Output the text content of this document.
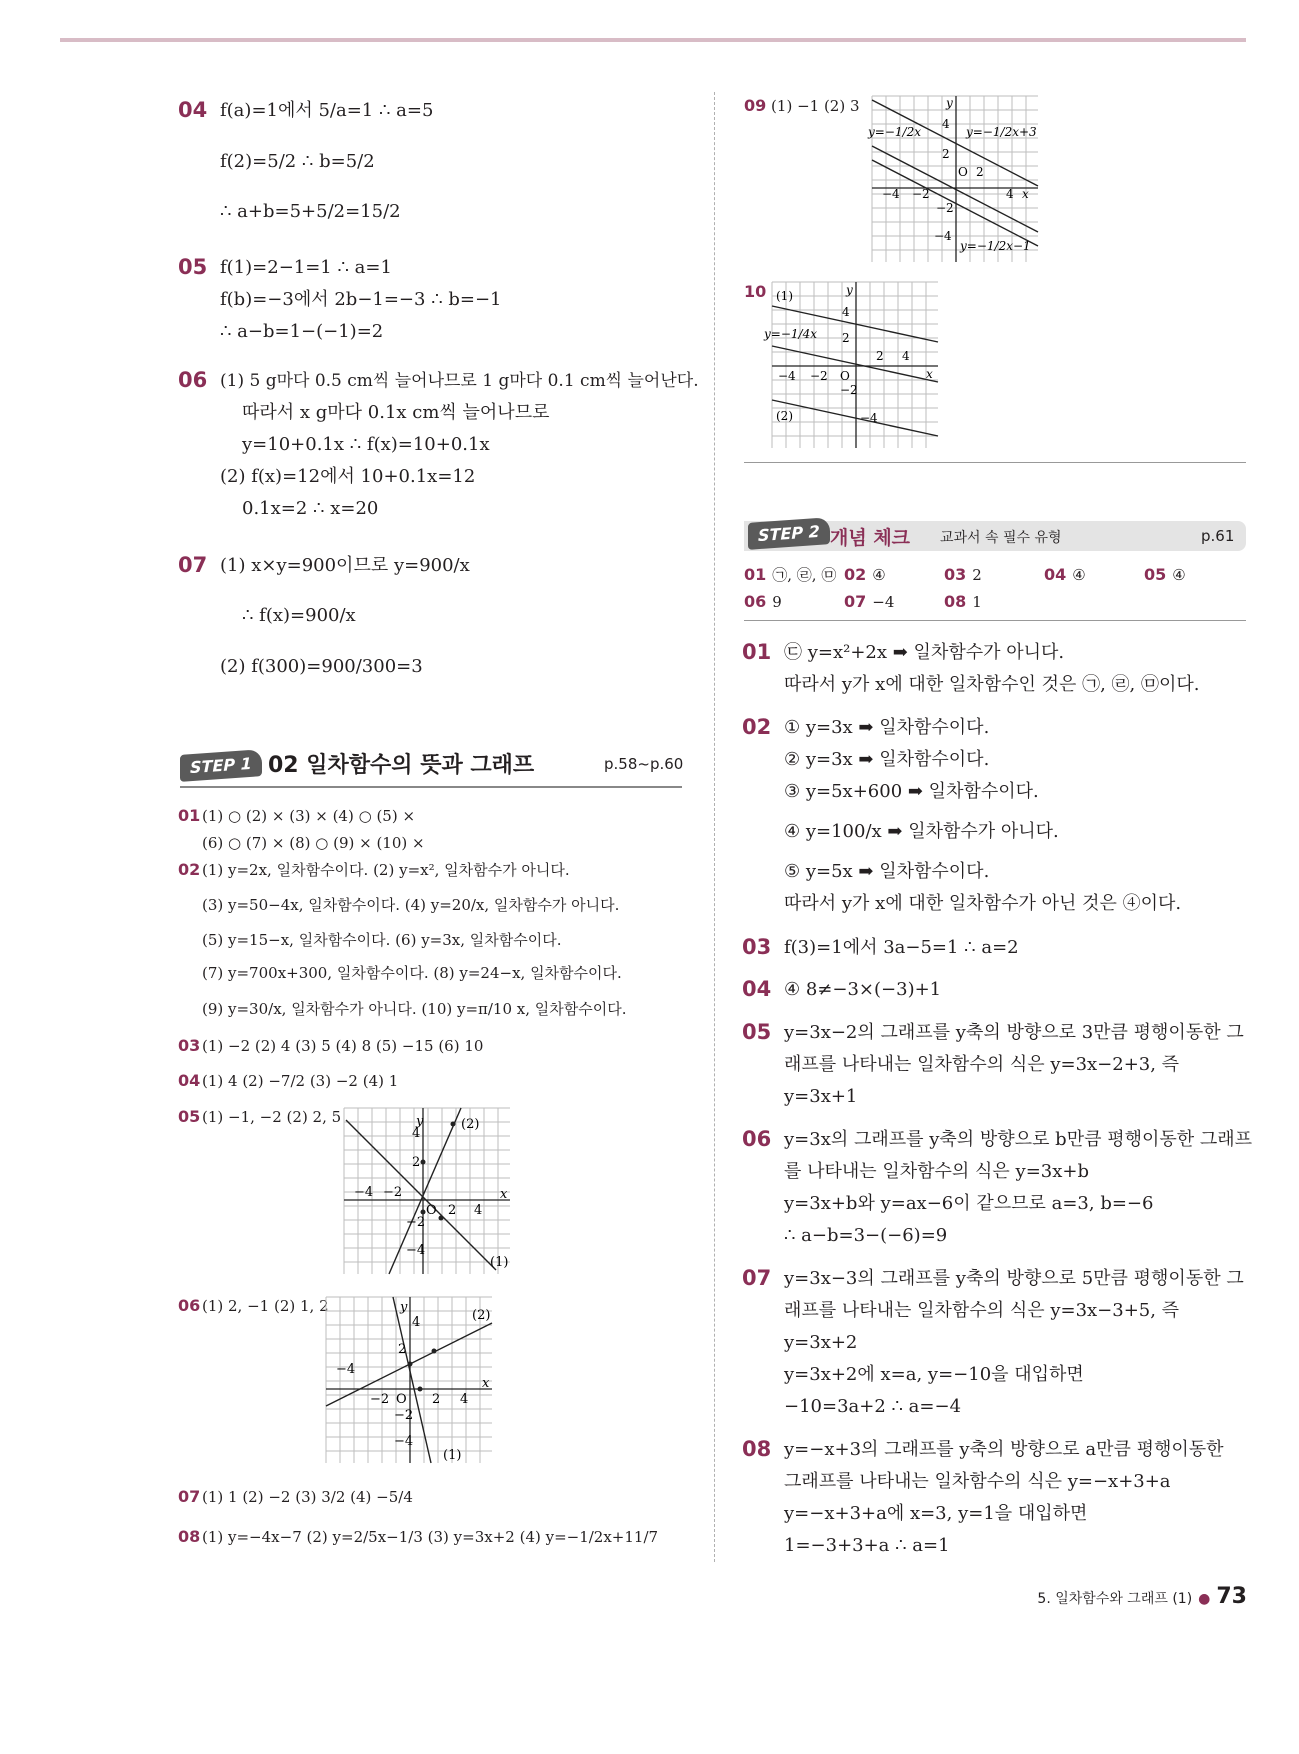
04 f(a)=1에서 5/a=1 ∴ a=5
f(2)=5/2 ∴ b=5/2
∴ a+b=5+5/2=15/2
05 f(1)=2−1=1 ∴ a=1
f(b)=−3에서 2b−1=−3 ∴ b=−1
∴ a−b=1−(−1)=2
06 (1) 5 g마다 0.5 cm씩 늘어나므로 1 g마다 0.1 cm씩 늘어난다.
따라서 x g마다 0.1x cm씩 늘어나므로
y=10+0.1x ∴ f(x)=10+0.1x
(2) f(x)=12에서 10+0.1x=12
0.1x=2 ∴ x=20
07 (1) x×y=900이므로 y=900/x
∴ f(x)=900/x
(2) f(300)=900/300=3
STEP 1 02 일차함수의 뜻과 그래프	p.58~p.60
01 (1) ○ (2) × (3) × (4) ○ (5) ×
(6) ○ (7) × (8) ○ (9) × (10) ×
02 (1) y=2x, 일차함수이다. (2) y=x², 일차함수가 아니다.
(3) y=50−4x, 일차함수이다. (4) y=20/x, 일차함수가 아니다.
(5) y=15−x, 일차함수이다. (6) y=3x, 일차함수이다.
(7) y=700x+300, 일차함수이다. (8) y=24−x, 일차함수이다.
(9) y=30/x, 일차함수가 아니다. (10) y=π/10 x, 일차함수이다.
03 (1) −2 (2) 4 (3) 5 (4) 8 (5) −15 (6) 10
04 (1) 4 (2) −7/2 (3) −2 (4) 1
05 (1) −1, −2 (2) 2, 5
06 (1) 2, −1 (2) 1, 2
07 (1) 1 (2) −2 (3) 3/2 (4) −5/4
08 (1) y=−4x−7 (2) y=2/5x−1/3 (3) y=3x+2 (4) y=−1/2x+11/7
y
x
4
2
O 2 4
−4 −2
−2
−4
(2)
(1)
y
x
4
2
O 2 4
−4
−2
−2
−4
(2)
(1)
09 (1) −1 (2) 3
y=−1/2x	y=−1/2x+3
y=−1/2x−1
4
2
O 2
4
−4 −2
−2
−4
x
y
10 (1)
y=−1/4x
(2)
4
2
2 4
−4 −2 O
−2
−4
x
y
STEP 2 개념 체크 교과서 속 필수 유형	p.61
01 ㉠, ㉣, ㉤ 02 ④	03 2	04 ④	05 ④
06 9	07 −4	08 1
01 ㉢ y=x²+2x ➡ 일차함수가 아니다.
따라서 y가 x에 대한 일차함수인 것은 ㉠, ㉣, ㉤이다.
02 ① y=3x ➡ 일차함수이다.
② y=3x ➡ 일차함수이다.
③ y=5x+600 ➡ 일차함수이다.
④ y=100/x ➡ 일차함수가 아니다.
⑤ y=5x ➡ 일차함수이다.
따라서 y가 x에 대한 일차함수가 아닌 것은 ④이다.
03 f(3)=1에서 3a−5=1 ∴ a=2
04 ④ 8≠−3×(−3)+1
05 y=3x−2의 그래프를 y축의 방향으로 3만큼 평행이동한 그
래프를 나타내는 일차함수의 식은 y=3x−2+3, 즉
y=3x+1
06 y=3x의 그래프를 y축의 방향으로 b만큼 평행이동한 그래프
를 나타내는 일차함수의 식은 y=3x+b
y=3x+b와 y=ax−6이 같으므로 a=3, b=−6
∴ a−b=3−(−6)=9
07 y=3x−3의 그래프를 y축의 방향으로 5만큼 평행이동한 그
래프를 나타내는 일차함수의 식은 y=3x−3+5, 즉
y=3x+2
y=3x+2에 x=a, y=−10을 대입하면
−10=3a+2 ∴ a=−4
08 y=−x+3의 그래프를 y축의 방향으로 a만큼 평행이동한
그래프를 나타내는 일차함수의 식은 y=−x+3+a
y=−x+3+a에 x=3, y=1을 대입하면
1=−3+3+a ∴ a=1
5. 일차함수와 그래프 (1) ● 73
